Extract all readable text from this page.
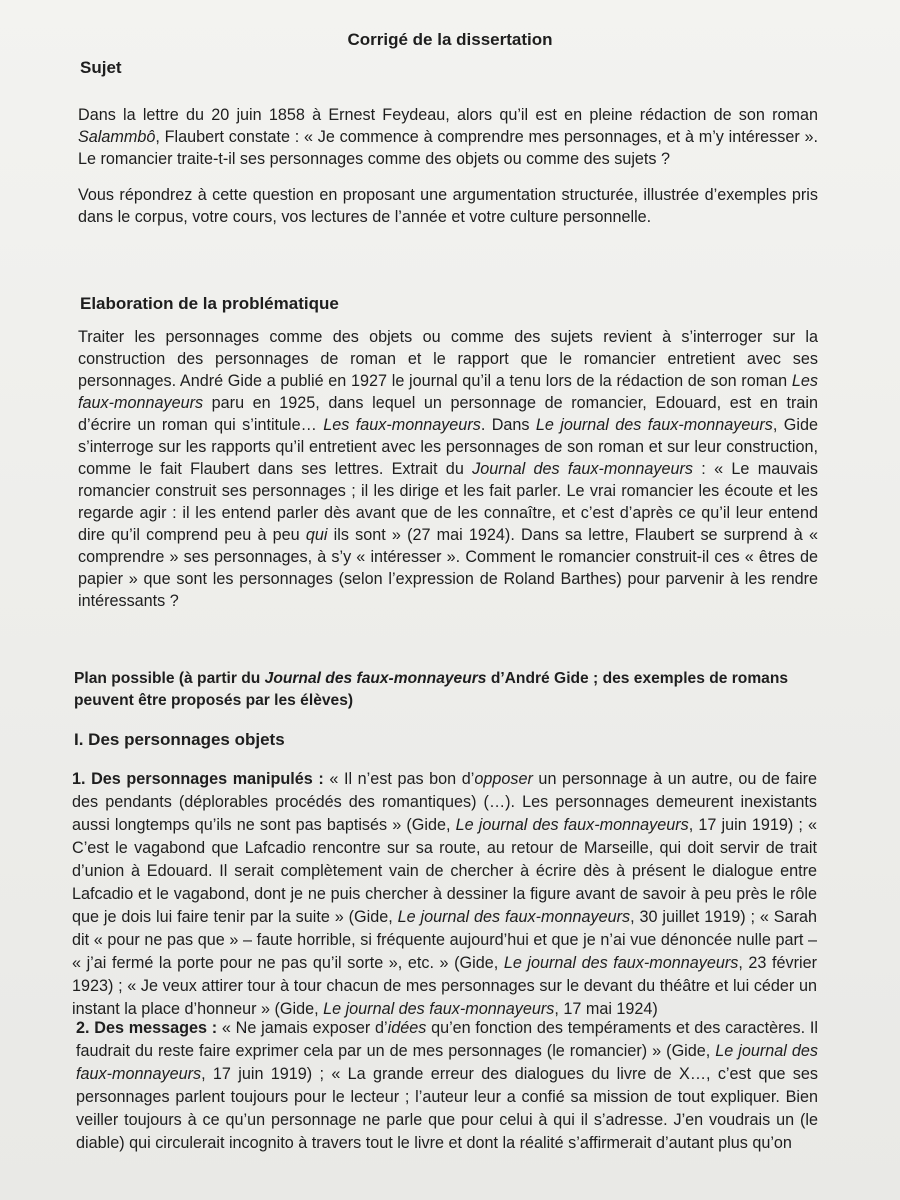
Corrigé de la dissertation
Sujet
Dans la lettre du 20 juin 1858 à Ernest Feydeau, alors qu’il est en pleine rédaction de son roman Salammbô, Flaubert constate : « Je commence à comprendre mes personnages, et à m’y intéresser ». Le romancier traite-t-il ses personnages comme des objets ou comme des sujets ?
Vous répondrez à cette question en proposant une argumentation structurée, illustrée d’exemples pris dans le corpus, votre cours, vos lectures de l’année et votre culture personnelle.
Elaboration de la problématique
Traiter les personnages comme des objets ou comme des sujets revient à s’interroger sur la construction des personnages de roman et le rapport que le romancier entretient avec ses personnages. André Gide a publié en 1927 le journal qu’il a tenu lors de la rédaction de son roman Les faux-monnayeurs paru en 1925, dans lequel un personnage de romancier, Edouard, est en train d’écrire un roman qui s’intitule… Les faux-monnayeurs. Dans Le journal des faux-monnayeurs, Gide s’interroge sur les rapports qu’il entretient avec les personnages de son roman et sur leur construction, comme le fait Flaubert dans ses lettres. Extrait du Journal des faux-monnayeurs : « Le mauvais romancier construit ses personnages ; il les dirige et les fait parler. Le vrai romancier les écoute et les regarde agir : il les entend parler dès avant que de les connaître, et c’est d’après ce qu’il leur entend dire qu’il comprend peu à peu qui ils sont » (27 mai 1924). Dans sa lettre, Flaubert se surprend à « comprendre » ses personnages, à s’y « intéresser ». Comment le romancier construit-il ces « êtres de papier » que sont les personnages (selon l’expression de Roland Barthes) pour parvenir à les rendre intéressants ?
Plan possible (à partir du Journal des faux-monnayeurs d’André Gide ; des exemples de romans peuvent être proposés par les élèves)
I. Des personnages objets
1. Des personnages manipulés : « Il n’est pas bon d’opposer un personnage à un autre, ou de faire des pendants (déplorables procédés des romantiques) (…). Les personnages demeurent inexistants aussi longtemps qu’ils ne sont pas baptisés » (Gide, Le journal des faux-monnayeurs, 17 juin 1919) ; « C’est le vagabond que Lafcadio rencontre sur sa route, au retour de Marseille, qui doit servir de trait d’union à Edouard. Il serait complètement vain de chercher à écrire dès à présent le dialogue entre Lafcadio et le vagabond, dont je ne puis chercher à dessiner la figure avant de savoir à peu près le rôle que je dois lui faire tenir par la suite » (Gide, Le journal des faux-monnayeurs, 30 juillet 1919) ; « Sarah dit « pour ne pas que » – faute horrible, si fréquente aujourd’hui et que je n’ai vue dénoncée nulle part – « j’ai fermé la porte pour ne pas qu’il sorte », etc. » (Gide, Le journal des faux-monnayeurs, 23 février 1923) ; « Je veux attirer tour à tour chacun de mes personnages sur le devant du théâtre et lui céder un instant la place d’honneur » (Gide, Le journal des faux-monnayeurs, 17 mai 1924)
2. Des messages : « Ne jamais exposer d’idées qu’en fonction des tempéraments et des caractères. Il faudrait du reste faire exprimer cela par un de mes personnages (le romancier) » (Gide, Le journal des faux-monnayeurs, 17 juin 1919) ; « La grande erreur des dialogues du livre de X…, c’est que ses personnages parlent toujours pour le lecteur ; l’auteur leur a confié sa mission de tout expliquer. Bien veiller toujours à ce qu’un personnage ne parle que pour celui à qui il s’adresse. J’en voudrais un (le diable) qui circulerait incognito à travers tout le livre et dont la réalité s’affirmerait d’autant plus qu’on
